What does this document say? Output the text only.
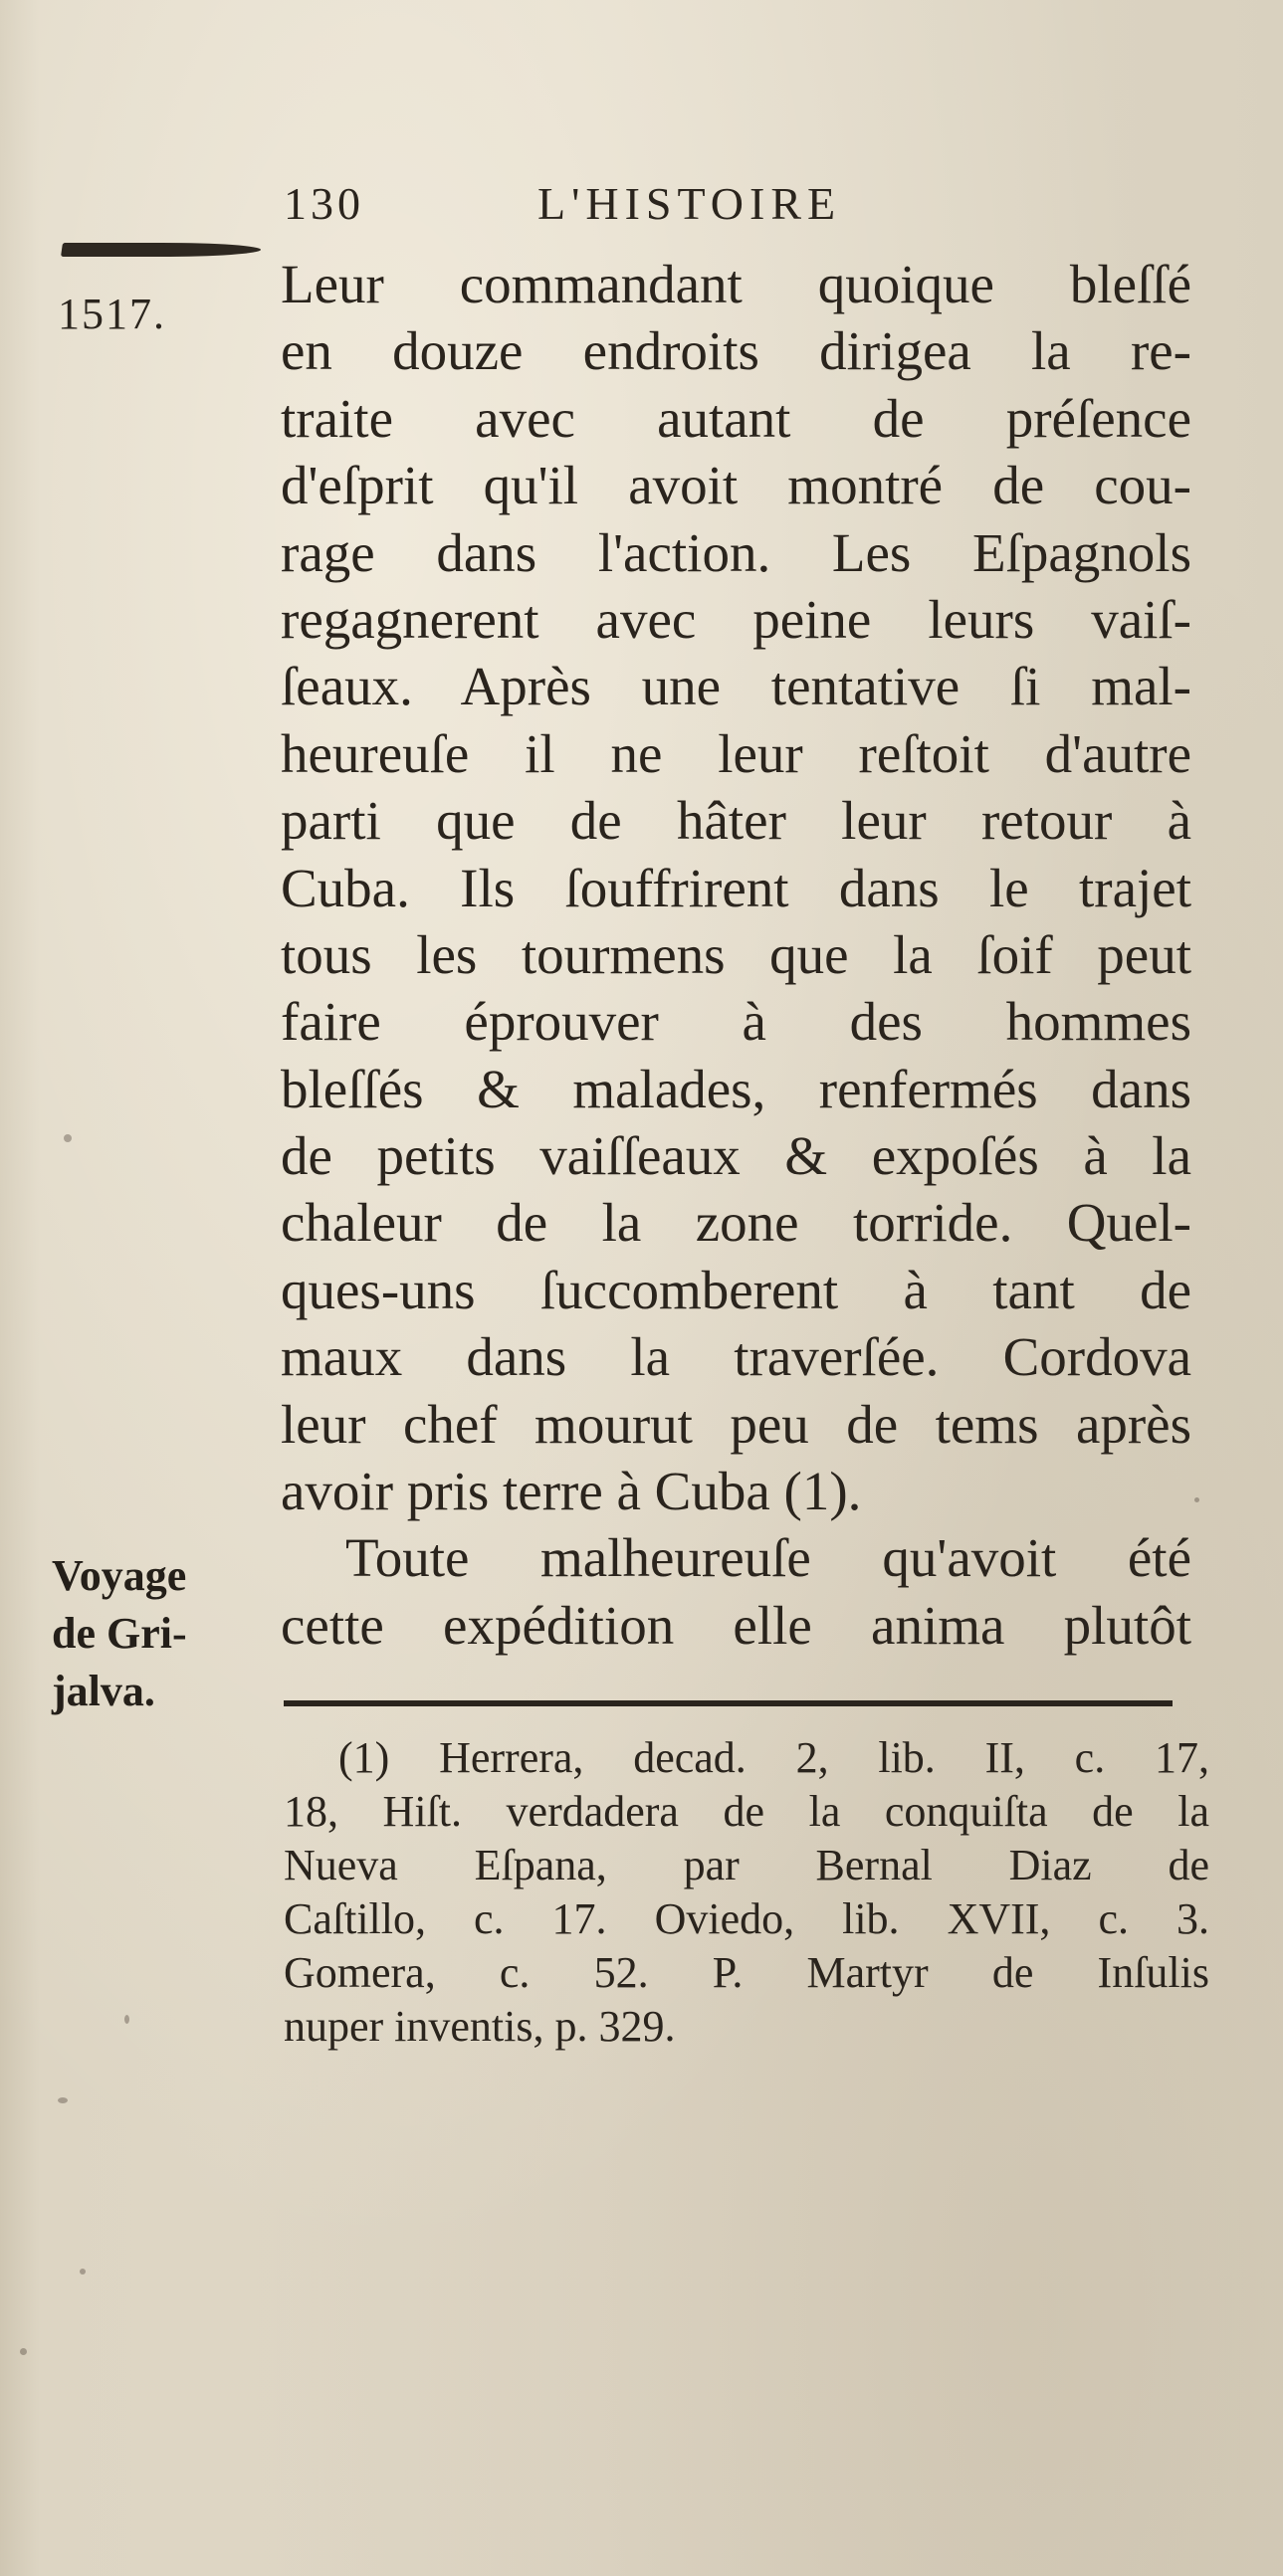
130	L'HISTOIRE
1517. Leur commandant quoique bleſſé
en douze endroits dirigea la re-
traite avec autant de préſence
d'eſprit qu'il avoit montré de cou-
rage dans l'action. Les Eſpagnols
regagnerent avec peine leurs vaiſ-
ſeaux. Après une tentative ſi mal-
heureuſe il ne leur reſtoit d'autre
parti que de hâter leur retour à
Cuba. Ils ſouffrirent dans le trajet
tous les tourmens que la ſoif peut
faire éprouver à des hommes
bleſſés & malades, renfermés dans
de petits vaiſſeaux & expoſés à la
chaleur de la zone torride. Quel-
ques-uns ſuccomberent à tant de
maux dans la traverſée. Cordova
leur chef mourut peu de tems après
avoir pris terre à Cuba (1).
Toute malheureuſe qu'avoit été
cette expédition elle anima plutôt
Voyage
de Gri-
jalva.
(1) Herrera, decad. 2, lib. II, c. 17,
18, Hiſt. verdadera de la conquiſta de la
Nueva Eſpana, par Bernal Diaz de
Caſtillo, c. 17. Oviedo, lib. XVII, c. 3.
Gomera, c. 52. P. Martyr de Inſulis
nuper inventis, p. 329.
